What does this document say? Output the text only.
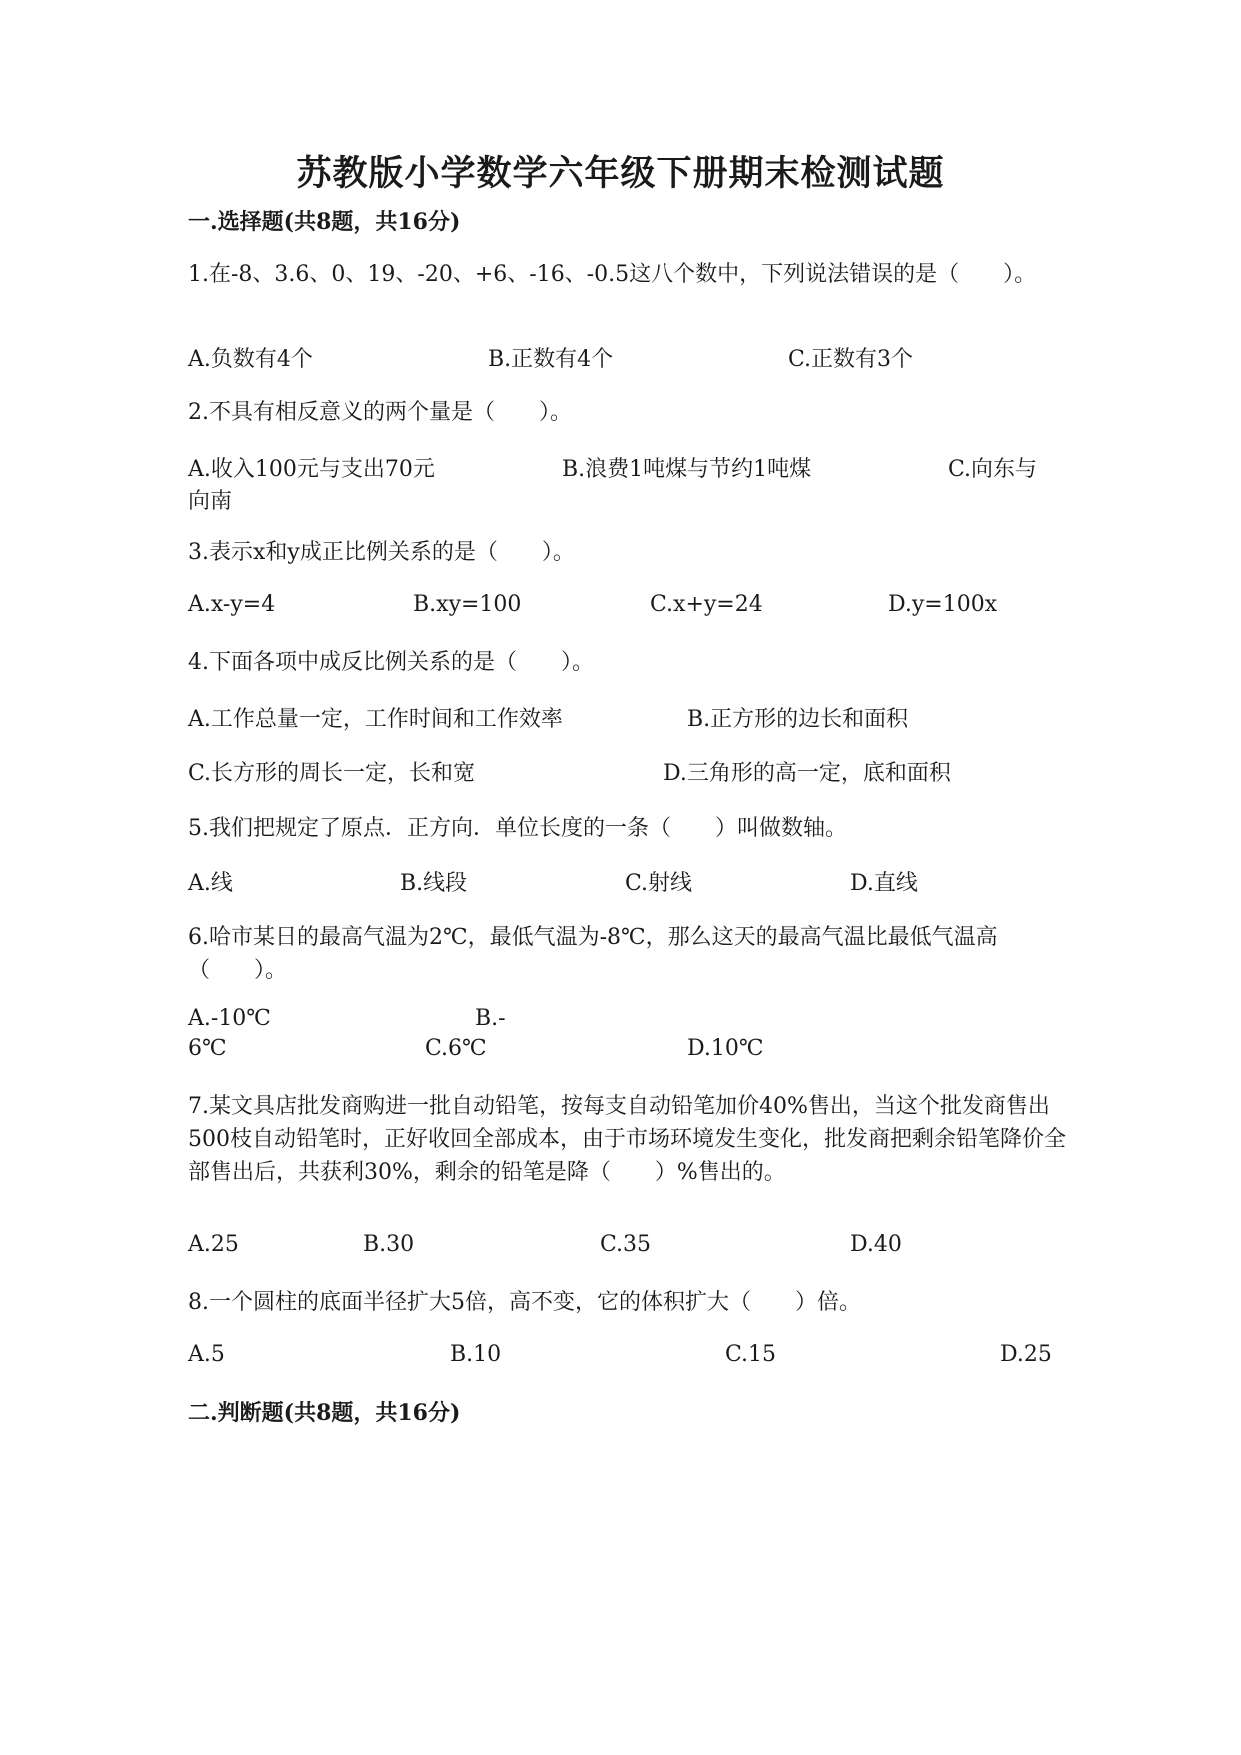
苏教版小学数学六年级下册期末检测试题
一.选择题(共8题，共16分)
1.在-8、3.6、0、19、-20、+6、-16、-0.5这八个数中，下列说法错误的是（　　）。
A.负数有4个	B.正数有4个	C.正数有3个
2.不具有相反意义的两个量是（　　）。
A.收入100元与支出70元	B.浪费1吨煤与节约1吨煤	C.向东与
向南
3.表示x和y成正比例关系的是（　　）。
A.x-y=4	B.xy=100	C.x+y=24	D.y=100x
4.下面各项中成反比例关系的是（　　）。
A.工作总量一定，工作时间和工作效率	B.正方形的边长和面积
C.长方形的周长一定，长和宽	D.三角形的高一定，底和面积
5.我们把规定了原点．正方向．单位长度的一条（　　）叫做数轴。
A.线	B.线段	C.射线	D.直线
6.哈市某日的最高气温为2℃，最低气温为-8℃，那么这天的最高气温比最低气温高（　　）。
A.-10℃	B.-
6℃	C.6℃	D.10℃
7.某文具店批发商购进一批自动铅笔，按每支自动铅笔加价40%售出，当这个批发商售出500枝自动铅笔时，正好收回全部成本，由于市场环境发生变化，批发商把剩余铅笔降价全部售出后，共获利30%，剩余的铅笔是降（　　）%售出的。
A.25	B.30	C.35	D.40
8.一个圆柱的底面半径扩大5倍，高不变，它的体积扩大（　　）倍。
A.5	B.10	C.15	D.25
二.判断题(共8题，共16分)
